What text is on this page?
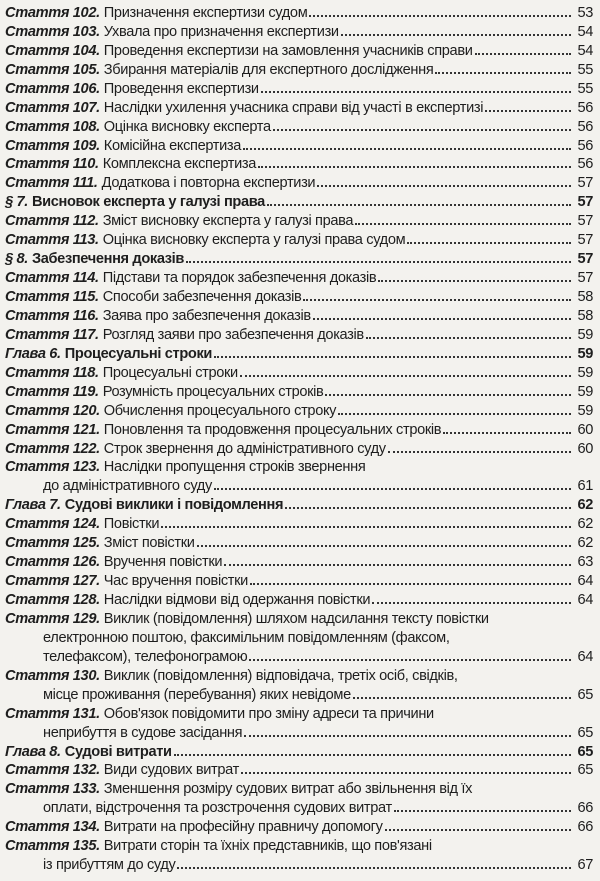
Стаття 102. Призначення експертизи судом	53
Стаття 103. Ухвала про призначення експертизи	54
Стаття 104. Проведення експертизи на замовлення учасників справи	54
Стаття 105. Збирання матеріалів для експертного дослідження	55
Стаття 106. Проведення експертизи	55
Стаття 107. Наслідки ухилення учасника справи від участі в експертизі	56
Стаття 108. Оцінка висновку експерта	56
Стаття 109. Комісійна експертиза	56
Стаття 110. Комплексна експертиза	56
Стаття 111. Додаткова і повторна експертизи	57
§ 7. Висновок експерта у галузі права	57
Стаття 112. Зміст висновку експерта у галузі права	57
Стаття 113. Оцінка висновку експерта у галузі права судом	57
§ 8. Забезпечення доказів	57
Стаття 114. Підстави та порядок забезпечення доказів	57
Стаття 115. Способи забезпечення доказів	58
Стаття 116. Заява про забезпечення доказів	58
Стаття 117. Розгляд заяви про забезпечення доказів	59
Глава 6. Процесуальні строки	59
Стаття 118. Процесуальні строки	59
Стаття 119. Розумність процесуальних строків	59
Стаття 120. Обчислення процесуального строку	59
Стаття 121. Поновлення та продовження процесуальних строків	60
Стаття 122. Строк звернення до адміністративного суду	60
Стаття 123. Наслідки пропущення строків звернення
до адміністративного суду	61
Глава 7. Судові виклики і повідомлення	62
Стаття 124. Повістки	62
Стаття 125. Зміст повістки	62
Стаття 126. Вручення повістки	63
Стаття 127. Час вручення повістки	64
Стаття 128. Наслідки відмови від одержання повістки	64
Стаття 129. Виклик (повідомлення) шляхом надсилання тексту повістки
електронною поштою, факсимільним повідомленням (факсом,
телефаксом), телефонограмою	64
Стаття 130. Виклик (повідомлення) відповідача, третіх осіб, свідків,
місце проживання (перебування) яких невідоме	65
Стаття 131. Обов'язок повідомити про зміну адреси та причини
неприбуття в судове засідання	65
Глава 8. Судові витрати	65
Стаття 132. Види судових витрат	65
Стаття 133. Зменшення розміру судових витрат або звільнення від їх
оплати, відстрочення та розстрочення судових витрат	66
Стаття 134. Витрати на професійну правничу допомогу	66
Стаття 135. Витрати сторін та їхніх представників, що пов'язані
із прибуттям до суду	67
